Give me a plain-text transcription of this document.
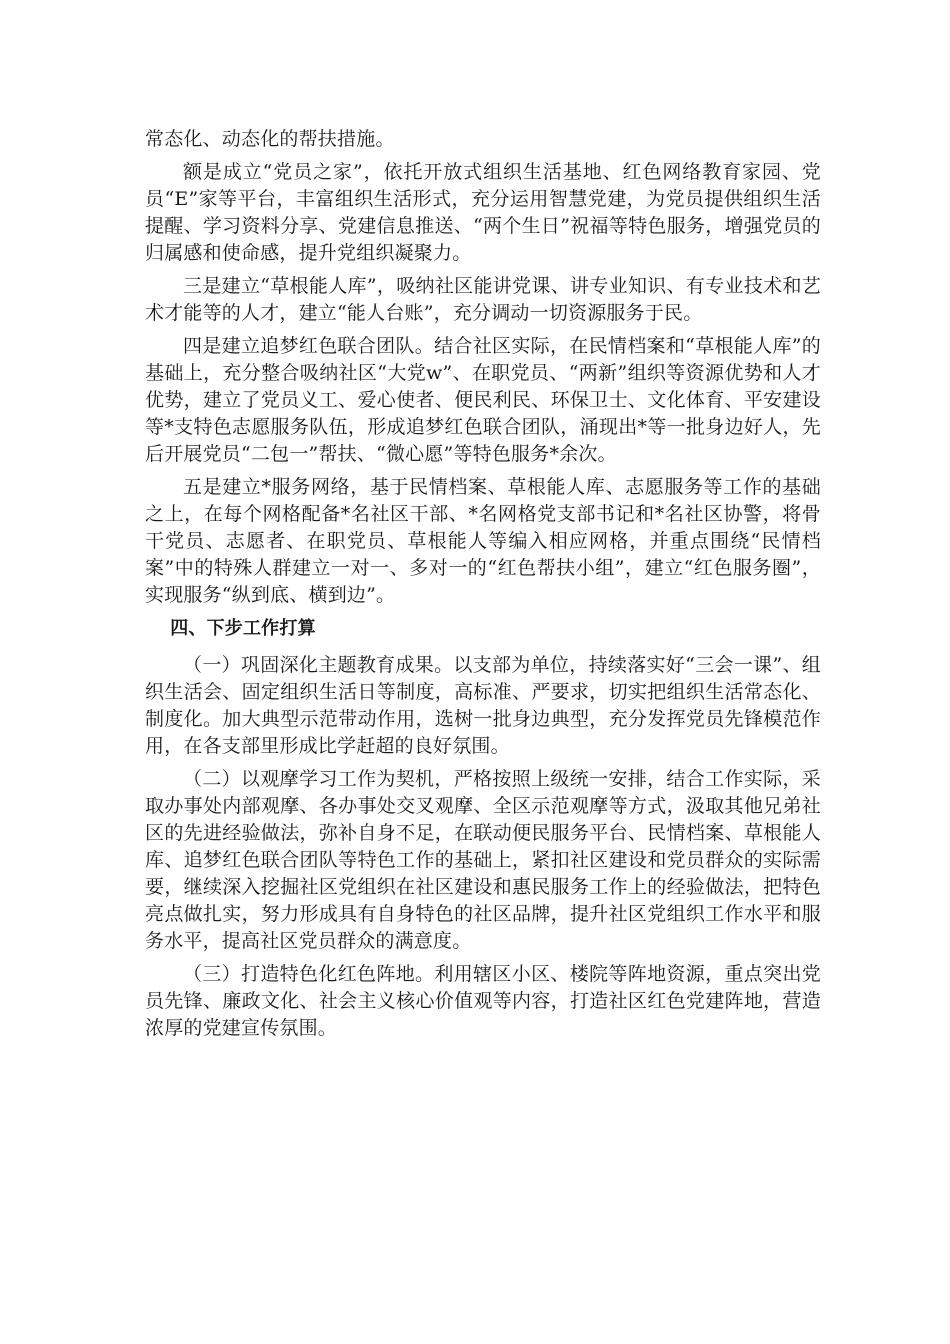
常态化、动态化的帮扶措施。

额是成立“党员之家”，依托开放式组织生活基地、红色网络教育家园、党员“E”家等平台，丰富组织生活形式，充分运用智慧党建，为党员提供组织生活提醒、学习资料分享、党建信息推送、“两个生日”祝福等特色服务，增强党员的归属感和使命感，提升党组织凝聚力。

三是建立“草根能人库”，吸纳社区能讲党课、讲专业知识、有专业技术和艺术才能等的人才，建立“能人台账”，充分调动一切资源服务于民。

四是建立追梦红色联合团队。结合社区实际，在民情档案和“草根能人库”的基础上，充分整合吸纳社区“大党w”、在职党员、“两新”组织等资源优势和人才优势，建立了党员义工、爱心使者、便民利民、环保卫士、文化体育、平安建设等*支特色志愿服务队伍，形成追梦红色联合团队，涌现出*等一批身边好人，先后开展党员“二包一”帮扶、“微心愿”等特色服务*余次。

五是建立*服务网络，基于民情档案、草根能人库、志愿服务等工作的基础之上，在每个网格配备*名社区干部、*名网格党支部书记和*名社区协警，将骨干党员、志愿者、在职党员、草根能人等编入相应网格，并重点围绕“民情档案”中的特殊人群建立一对一、多对一的“红色帮扶小组”，建立“红色服务圈”，实现服务“纵到底、横到边”。

四、下步工作打算

（一）巩固深化主题教育成果。以支部为单位，持续落实好“三会一课”、组织生活会、固定组织生活日等制度，高标准、严要求，切实把组织生活常态化、制度化。加大典型示范带动作用，选树一批身边典型，充分发挥党员先锋模范作用，在各支部里形成比学赶超的良好氛围。

（二）以观摩学习工作为契机，严格按照上级统一安排，结合工作实际，采取办事处内部观摩、各办事处交叉观摩、全区示范观摩等方式，汲取其他兄弟社区的先进经验做法，弥补自身不足，在联动便民服务平台、民情档案、草根能人库、追梦红色联合团队等特色工作的基础上，紧扣社区建设和党员群众的实际需要，继续深入挖掘社区党组织在社区建设和惠民服务工作上的经验做法，把特色亮点做扎实，努力形成具有自身特色的社区品牌，提升社区党组织工作水平和服务水平，提高社区党员群众的满意度。

（三）打造特色化红色阵地。利用辖区小区、楼院等阵地资源，重点突出党员先锋、廉政文化、社会主义核心价值观等内容，打造社区红色党建阵地，营造浓厚的党建宣传氛围。
